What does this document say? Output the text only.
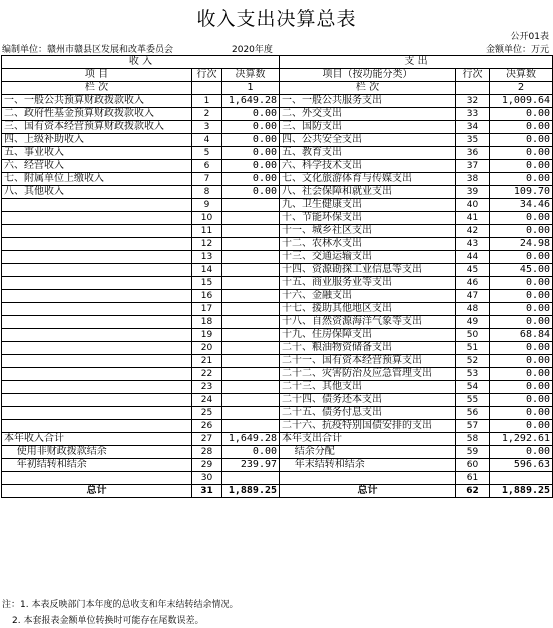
收入支出决算总表
公开01表
编制单位：赣州市赣县区发展和改革委员会	2020年度	金额单位：万元
收 入			支 出		
项 目	行次	决算数	项目（按功能分类）	行次	决算数
栏 次		1	栏 次		2
一、一般公共预算财政拨款收入	1	1,649.28	一、一般公共服务支出	32	1,009.64
二、政府性基金预算财政拨款收入	2	0.00	二、外交支出	33	0.00
三、国有资本经营预算财政拨款收入	3	0.00	三、国防支出	34	0.00
四、上级补助收入	4	0.00	四、公共安全支出	35	0.00
五、事业收入	5	0.00	五、教育支出	36	0.00
六、经营收入	6	0.00	六、科学技术支出	37	0.00
七、附属单位上缴收入	7	0.00	七、文化旅游体育与传媒支出	38	0.00
八、其他收入	8	0.00	八、社会保障和就业支出	39	109.70
	9		九、卫生健康支出	40	34.46
	10		十、节能环保支出	41	0.00
	11		十一、城乡社区支出	42	0.00
	12		十二、农林水支出	43	24.98
	13		十三、交通运输支出	44	0.00
	14		十四、资源勘探工业信息等支出	45	45.00
	15		十五、商业服务业等支出	46	0.00
	16		十六、金融支出	47	0.00
	17		十七、援助其他地区支出	48	0.00
	18		十八、自然资源海洋气象等支出	49	0.00
	19		十九、住房保障支出	50	68.84
	20		二十、粮油物资储备支出	51	0.00
	21		二十一、国有资本经营预算支出	52	0.00
	22		二十二、灾害防治及应急管理支出	53	0.00
	23		二十三、其他支出	54	0.00
	24		二十四、债务还本支出	55	0.00
	25		二十五、债务付息支出	56	0.00
	26		二十六、抗疫特别国债安排的支出	57	0.00
本年收入合计	27	1,649.28	本年支出合计	58	1,292.61
使用非财政拨款结余	28	0.00	结余分配	59	0.00
年初结转和结余	29	239.97	年末结转和结余	60	596.63
	30			61	
总计	31	1,889.25	总计	62	1,889.25
注：1. 本表反映部门本年度的总收支和年末结转结余情况。
2. 本套报表金额单位转换时可能存在尾数误差。
